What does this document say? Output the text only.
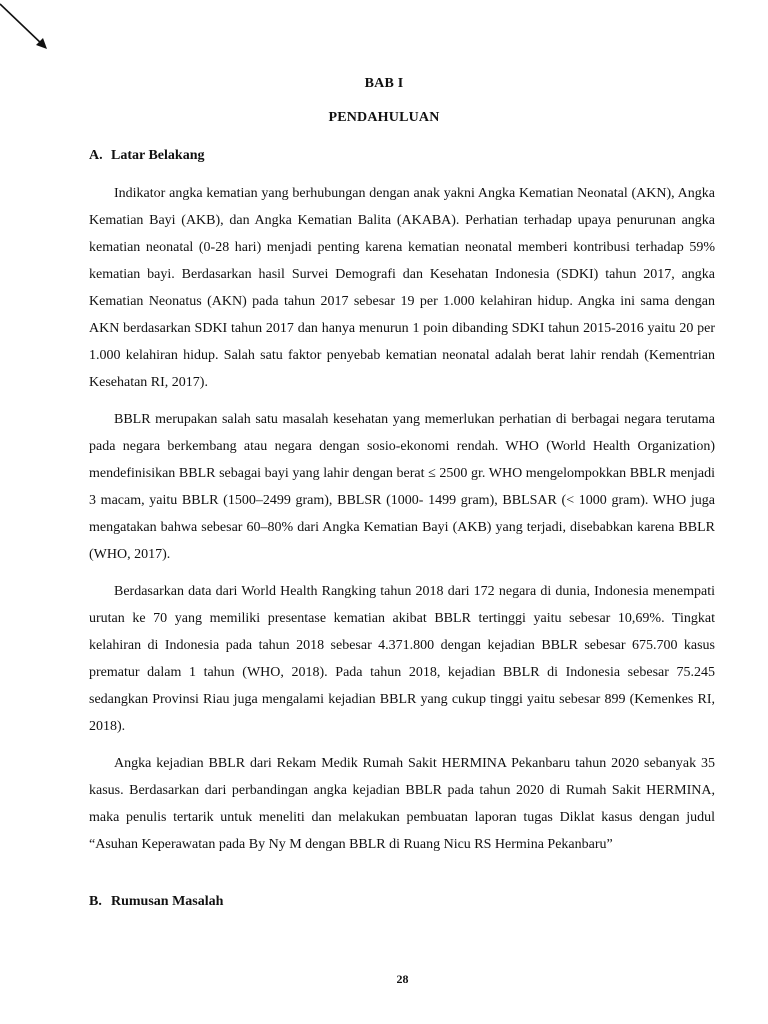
BAB I
PENDAHULUAN
A. Latar Belakang

Indikator angka kematian yang berhubungan dengan anak yakni Angka Kematian Neonatal (AKN), Angka Kematian Bayi (AKB), dan Angka Kematian Balita (AKABA). Perhatian terhadap upaya penurunan angka kematian neonatal (0-28 hari) menjadi penting karena kematian neonatal memberi kontribusi terhadap 59% kematian bayi. Berdasarkan hasil Survei Demografi dan Kesehatan Indonesia (SDKI) tahun 2017, angka Kematian Neonatus (AKN) pada tahun 2017 sebesar 19 per 1.000 kelahiran hidup. Angka ini sama dengan AKN berdasarkan SDKI tahun 2017 dan hanya menurun 1 poin dibanding SDKI tahun 2015-2016 yaitu 20 per 1.000 kelahiran hidup. Salah satu faktor penyebab kematian neonatal adalah berat lahir rendah (Kementrian Kesehatan RI, 2017).

BBLR merupakan salah satu masalah kesehatan yang memerlukan perhatian di berbagai negara terutama pada negara berkembang atau negara dengan sosio-ekonomi rendah. WHO (World Health Organization) mendefinisikan BBLR sebagai bayi yang lahir dengan berat ≤ 2500 gr. WHO mengelompokkan BBLR menjadi 3 macam, yaitu BBLR (1500–2499 gram), BBLSR (1000- 1499 gram), BBLSAR (< 1000 gram). WHO juga mengatakan bahwa sebesar 60–80% dari Angka Kematian Bayi (AKB) yang terjadi, disebabkan karena BBLR (WHO, 2017).

Berdasarkan data dari World Health Rangking tahun 2018 dari 172 negara di dunia, Indonesia menempati urutan ke 70 yang memiliki presentase kematian akibat BBLR tertinggi yaitu sebesar 10,69%. Tingkat kelahiran di Indonesia pada tahun 2018 sebesar 4.371.800 dengan kejadian BBLR sebesar 675.700 kasus prematur dalam 1 tahun (WHO, 2018). Pada tahun 2018, kejadian BBLR di Indonesia sebesar 75.245 sedangkan Provinsi Riau juga mengalami kejadian BBLR yang cukup tinggi yaitu sebesar 899 (Kemenkes RI, 2018).

Angka kejadian BBLR dari Rekam Medik Rumah Sakit HERMINA Pekanbaru tahun 2020 sebanyak 35 kasus. Berdasarkan dari perbandingan angka kejadian BBLR pada tahun 2020 di Rumah Sakit HERMINA, maka penulis tertarik untuk meneliti dan melakukan pembuatan laporan tugas Diklat kasus dengan judul “Asuhan Keperawatan pada By Ny M dengan BBLR di Ruang Nicu RS Hermina Pekanbaru”

B. Rumusan Masalah
28
